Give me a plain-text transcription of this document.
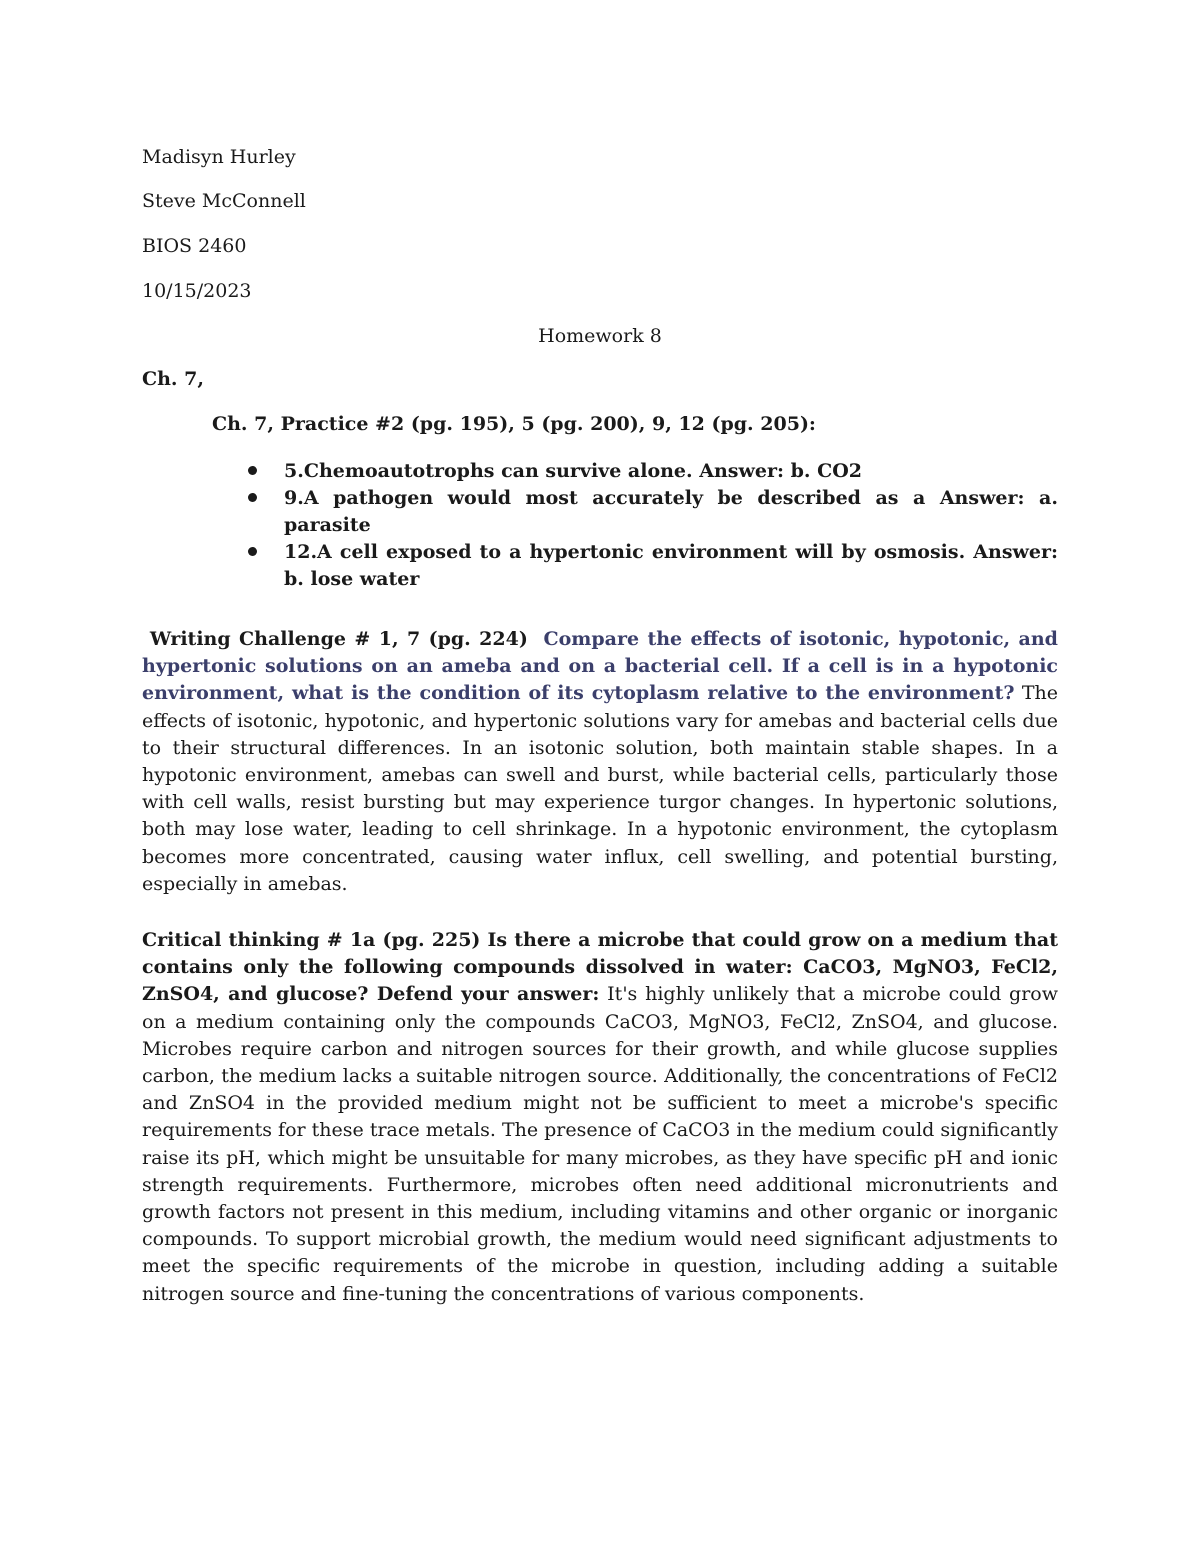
Madisyn Hurley
Steve McConnell
BIOS 2460
10/15/2023
Homework 8
Ch. 7,
Ch. 7, Practice #2 (pg. 195), 5 (pg. 200), 9, 12 (pg. 205):
5.Chemoautotrophs can survive alone. Answer: b. CO2
9.A pathogen would most accurately be described as a Answer: a. parasite
12.A cell exposed to a hypertonic environment will by osmosis. Answer: b. lose water
Writing Challenge # 1, 7 (pg. 224) Compare the effects of isotonic, hypotonic, and hypertonic solutions on an ameba and on a bacterial cell. If a cell is in a hypotonic environment, what is the condition of its cytoplasm relative to the environment? The effects of isotonic, hypotonic, and hypertonic solutions vary for amebas and bacterial cells due to their structural differences. In an isotonic solution, both maintain stable shapes. In a hypotonic environment, amebas can swell and burst, while bacterial cells, particularly those with cell walls, resist bursting but may experience turgor changes. In hypertonic solutions, both may lose water, leading to cell shrinkage. In a hypotonic environment, the cytoplasm becomes more concentrated, causing water influx, cell swelling, and potential bursting, especially in amebas.
Critical thinking # 1a (pg. 225) Is there a microbe that could grow on a medium that contains only the following compounds dissolved in water: CaCO3, MgNO3, FeCl2, ZnSO4, and glucose? Defend your answer: It's highly unlikely that a microbe could grow on a medium containing only the compounds CaCO3, MgNO3, FeCl2, ZnSO4, and glucose. Microbes require carbon and nitrogen sources for their growth, and while glucose supplies carbon, the medium lacks a suitable nitrogen source. Additionally, the concentrations of FeCl2 and ZnSO4 in the provided medium might not be sufficient to meet a microbe's specific requirements for these trace metals. The presence of CaCO3 in the medium could significantly raise its pH, which might be unsuitable for many microbes, as they have specific pH and ionic strength requirements. Furthermore, microbes often need additional micronutrients and growth factors not present in this medium, including vitamins and other organic or inorganic compounds. To support microbial growth, the medium would need significant adjustments to meet the specific requirements of the microbe in question, including adding a suitable nitrogen source and fine-tuning the concentrations of various components.
